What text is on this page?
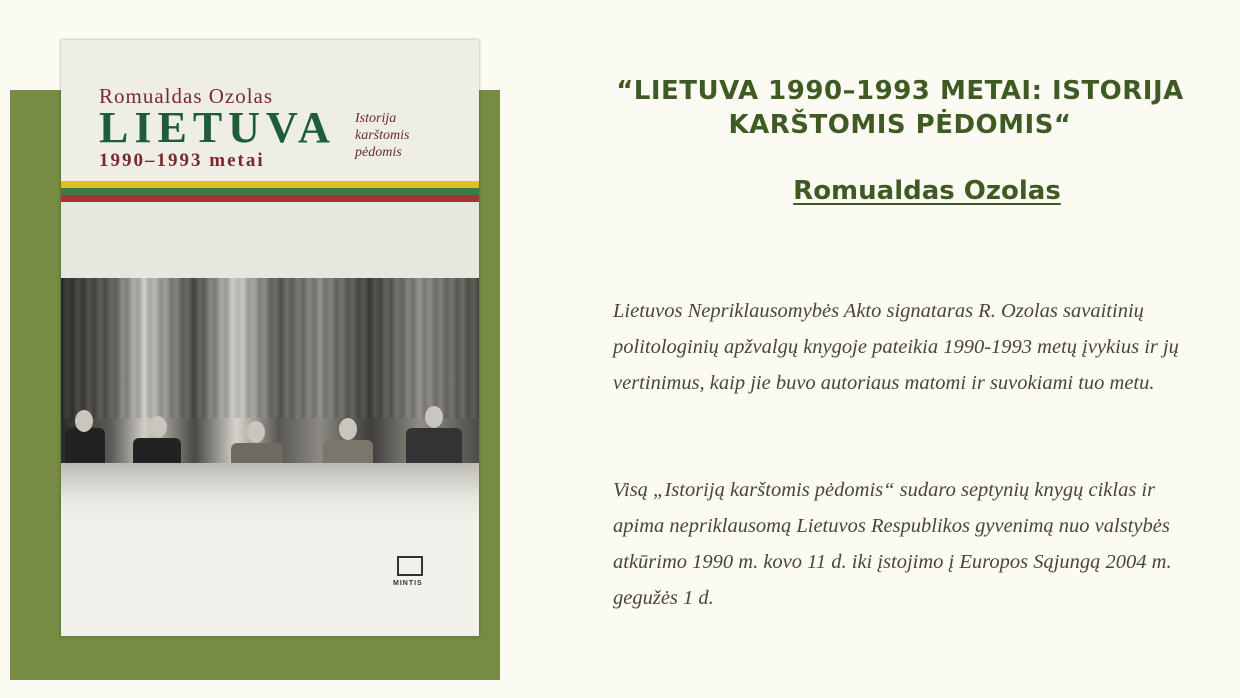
Romualdas Ozolas
LIETUVA
1990–1993 metai
Istorija
karštomis
pėdomis
MINTIS
“LIETUVA 1990–1993 METAI: ISTORIJA KARŠTOMIS PĖDOMIS“
Romualdas Ozolas
Lietuvos Nepriklausomybės Akto signataras R. Ozolas savaitinių politologinių apžvalgų knygoje pateikia 1990-1993 metų įvykius ir jų vertinimus, kaip jie buvo autoriaus matomi ir suvokiami tuo metu.
Visą „Istoriją karštomis pėdomis“ sudaro septynių knygų ciklas ir apima nepriklausomą Lietuvos Respublikos gyvenimą nuo valstybės atkūrimo 1990 m. kovo 11 d. iki įstojimo į Europos Sąjungą 2004 m. gegužės 1 d.
